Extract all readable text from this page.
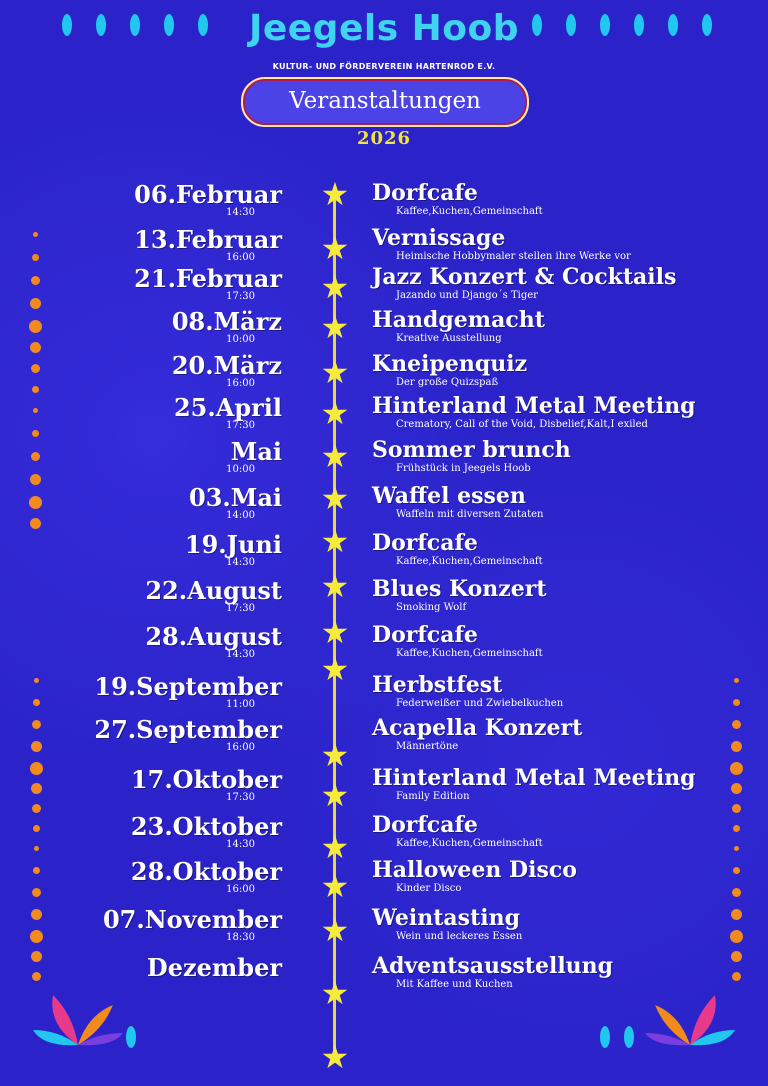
Jeegels Hoob
KULTUR- UND FÖRDERVEREIN HARTENROD E.V.
Veranstaltungen
2026
★
★
★
★
★
★
★
★
★
★
★
★
★
★
★
★
★
★
★
06.Februar
14:30
Dorfcafe
Kaffee,Kuchen,Gemeinschaft
13.Februar
16:00
Vernissage
Heimische Hobbymaler stellen ihre Werke vor
21.Februar
17:30
Jazz Konzert & Cocktails
Jazando und Django´s Tiger
08.März
10:00
Handgemacht
Kreative Ausstellung
20.März
16:00
Kneipenquiz
Der große Quizspaß
25.April
17:30
Hinterland Metal Meeting
Crematory, Call of the Void, Disbelief,Kalt,I exiled
Mai
10:00
Sommer brunch
Frühstück in Jeegels Hoob
03.Mai
14:00
Waffel essen
Waffeln mit diversen Zutaten
19.Juni
14:30
Dorfcafe
Kaffee,Kuchen,Gemeinschaft
22.August
17:30
Blues Konzert
Smoking Wolf
28.August
14:30
Dorfcafe
Kaffee,Kuchen,Gemeinschaft
19.September
11:00
Herbstfest
Federweißer und Zwiebelkuchen
27.September
16:00
Acapella Konzert
Männertöne
17.Oktober
17:30
Hinterland Metal Meeting
Family Edition
23.Oktober
14:30
Dorfcafe
Kaffee,Kuchen,Gemeinschaft
28.Oktober
16:00
Halloween Disco
Kinder Disco
07.November
18:30
Weintasting
Wein und leckeres Essen
Dezember	Adventsausstellung
Mit Kaffee und Kuchen
